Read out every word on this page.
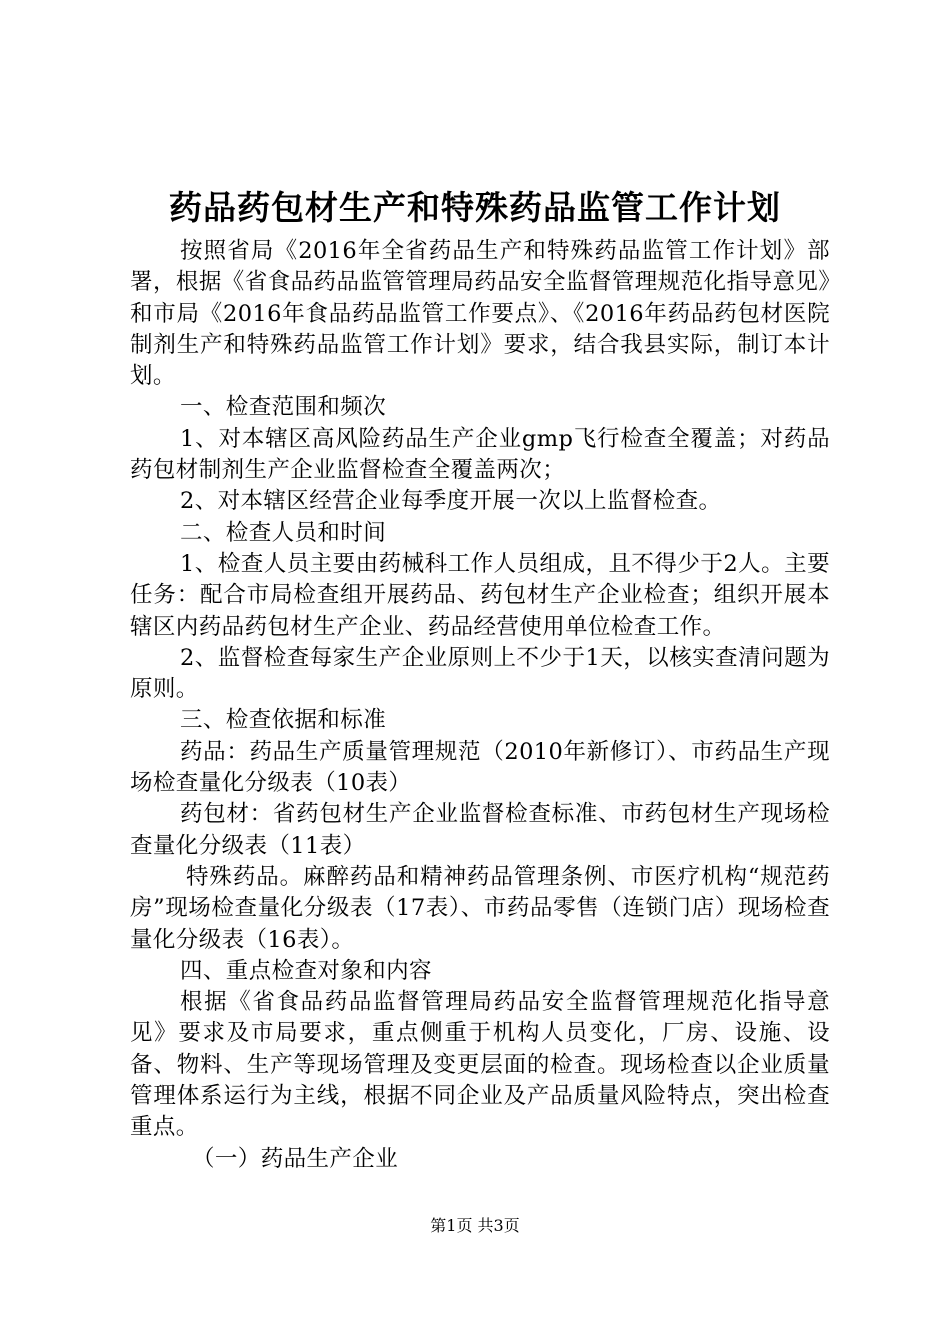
药品药包材生产和特殊药品监管工作计划

按照省局《2016年全省药品生产和特殊药品监管工作计划》部署，根据《省食品药品监管管理局药品安全监督管理规范化指导意见》和市局《2016年食品药品监管工作要点》、《2016年药品药包材医院制剂生产和特殊药品监管工作计划》要求，结合我县实际，制订本计划。

一、检查范围和频次

1、对本辖区高风险药品生产企业gmp飞行检查全覆盖；对药品药包材制剂生产企业监督检查全覆盖两次；

2、对本辖区经营企业每季度开展一次以上监督检查。

二、检查人员和时间

1、检查人员主要由药械科工作人员组成，且不得少于2人。主要任务：配合市局检查组开展药品、药包材生产企业检查；组织开展本辖区内药品药包材生产企业、药品经营使用单位检查工作。

2、监督检查每家生产企业原则上不少于1天，以核实查清问题为原则。

三、检查依据和标准

药品：药品生产质量管理规范（2010年新修订）、市药品生产现场检查量化分级表（10表）

药包材：省药包材生产企业监督检查标准、市药包材生产现场检查量化分级表（11表）

特殊药品。麻醉药品和精神药品管理条例、市医疗机构“规范药房”现场检查量化分级表（17表）、市药品零售（连锁门店）现场检查量化分级表（16表）。

四、重点检查对象和内容

根据《省食品药品监督管理局药品安全监督管理规范化指导意见》要求及市局要求，重点侧重于机构人员变化，厂房、设施、设备、物料、生产等现场管理及变更层面的检查。现场检查以企业质量管理体系运行为主线，根据不同企业及产品质量风险特点，突出检查重点。

（一）药品生产企业

第1页 共3页
